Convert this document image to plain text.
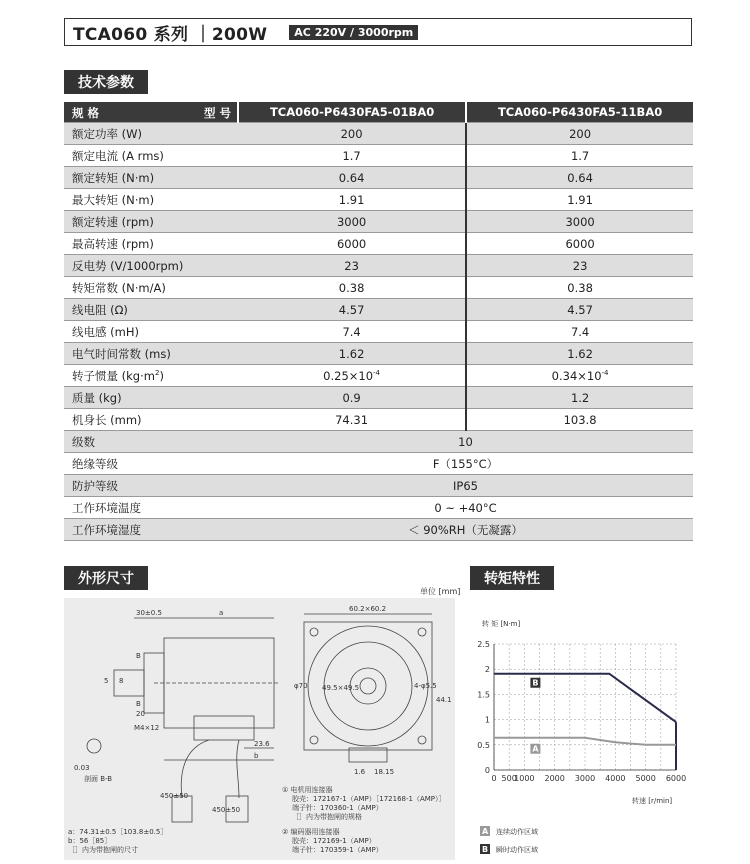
TCA060 系列 ｜200W	AC 220V / 3000rpm
技术参数
规 格 型 号	TCA060-P6430FA5-01BA0	TCA060-P6430FA5-11BA0
额定功率 (W)	200	200
额定电流 (A rms)	1.7	1.7
额定转矩 (N·m)	0.64	0.64
最大转矩 (N·m)	1.91	1.91
额定转速 (rpm)	3000	3000
最高转速 (rpm)	6000	6000
反电势 (V/1000rpm)	23	23
转矩常数 (N·m/A)	0.38	0.38
线电阻 (Ω)	4.57	4.57
线电感 (mH)	7.4	7.4
电气时间常数 (ms)	1.62	1.62
转子惯量 $(kg\cdot m^2)$	$0.25\times 10^{-4}$	$0.34\times 10^{-4}$
质量 (kg)	0.9	1.2
机身长 (mm)	74.31	103.8
级数	10	
绝缘等级	F（155°C）	
防护等级	IP65	
工作环境温度	0 ~ +40°C	
工作环境湿度	＜ 90%RH（无凝露）	
外形尺寸
单位 [mm]
30±0.5	a	60.2×60.2
φ70 49.5×49.5
44.1
4-φ5.5
1.6 18.15
M4×12
0.03
剖面 B-B
23.6
b
450±50
450±50
B
B
20
5 8
a：74.31±0.5［103.8±0.5］
b：56［85］
［］内为带抱闸的尺寸
① 电机用连接器
胶壳：172167-1（AMP）［172168-1（AMP）］
端子针：170360-1（AMP）
［］内为带抱闸的规格
② 编码器用连接器
胶壳：172169-1（AMP）
端子针：170359-1（AMP）
转矩特性
转 矩 [N·m]
转速 [r/min]
A 连续动作区域
B 瞬时动作区域
0
0.5
1
1.5
2
2.5
0 500
1000 2000 3000 4000 5000 6000
B
A
